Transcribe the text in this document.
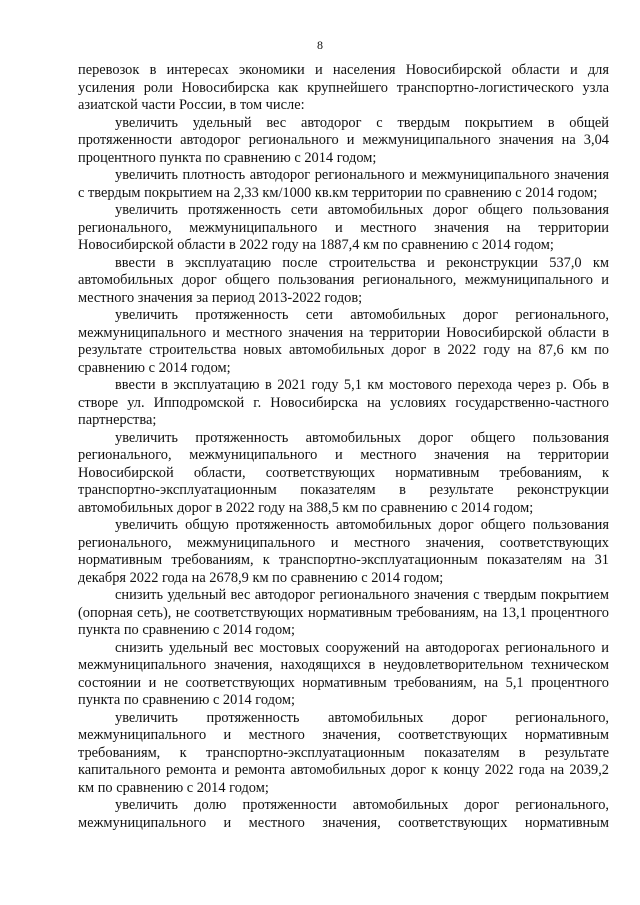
8

перевозок в интересах экономики и населения Новосибирской области и для усиления роли Новосибирска как крупнейшего транспортно-логистического узла азиатской части России, в том числе:

увеличить удельный вес автодорог с твердым покрытием в общей протяженности автодорог регионального и межмуниципального значения на 3,04 процентного пункта по сравнению с 2014 годом;

увеличить плотность автодорог регионального и межмуниципального значения с твердым покрытием на 2,33 км/1000 кв.км территории по сравнению с 2014 годом;

увеличить протяженность сети автомобильных дорог общего пользования регионального, межмуниципального и местного значения на территории Новосибирской области в 2022 году на 1887,4 км по сравнению с 2014 годом;

ввести в эксплуатацию после строительства и реконструкции 537,0 км автомобильных дорог общего пользования регионального, межмуниципального и местного значения за период 2013-2022 годов;

увеличить протяженность сети автомобильных дорог регионального, межмуниципального и местного значения на территории Новосибирской области в результате строительства новых автомобильных дорог в 2022 году на 87,6 км по сравнению с 2014 годом;

ввести в эксплуатацию в 2021 году 5,1 км мостового перехода через р. Обь в створе ул. Ипподромской г. Новосибирска на условиях государственно-частного партнерства;

увеличить протяженность автомобильных дорог общего пользования регионального, межмуниципального и местного значения на территории Новосибирской области, соответствующих нормативным требованиям, к транспортно-эксплуатационным показателям в результате реконструкции автомобильных дорог в 2022 году на 388,5 км по сравнению с 2014 годом;

увеличить общую протяженность автомобильных дорог общего пользования регионального, межмуниципального и местного значения, соответствующих нормативным требованиям, к транспортно-эксплуатационным показателям на 31 декабря 2022 года на 2678,9 км по сравнению с 2014 годом;

снизить удельный вес автодорог регионального значения с твердым покрытием (опорная сеть), не соответствующих нормативным требованиям, на 13,1 процентного пункта по сравнению с 2014 годом;

снизить удельный вес мостовых сооружений на автодорогах регионального и межмуниципального значения, находящихся в неудовлетворительном техническом состоянии и не соответствующих нормативным требованиям, на 5,1 процентного пункта по сравнению с 2014 годом;

увеличить протяженность автомобильных дорог регионального, межмуниципального и местного значения, соответствующих нормативным требованиям, к транспортно-эксплуатационным показателям в результате капитального ремонта и ремонта автомобильных дорог к концу 2022 года на 2039,2 км по сравнению с 2014 годом;

увеличить долю протяженности автомобильных дорог регионального, межмуниципального и местного значения, соответствующих нормативным
